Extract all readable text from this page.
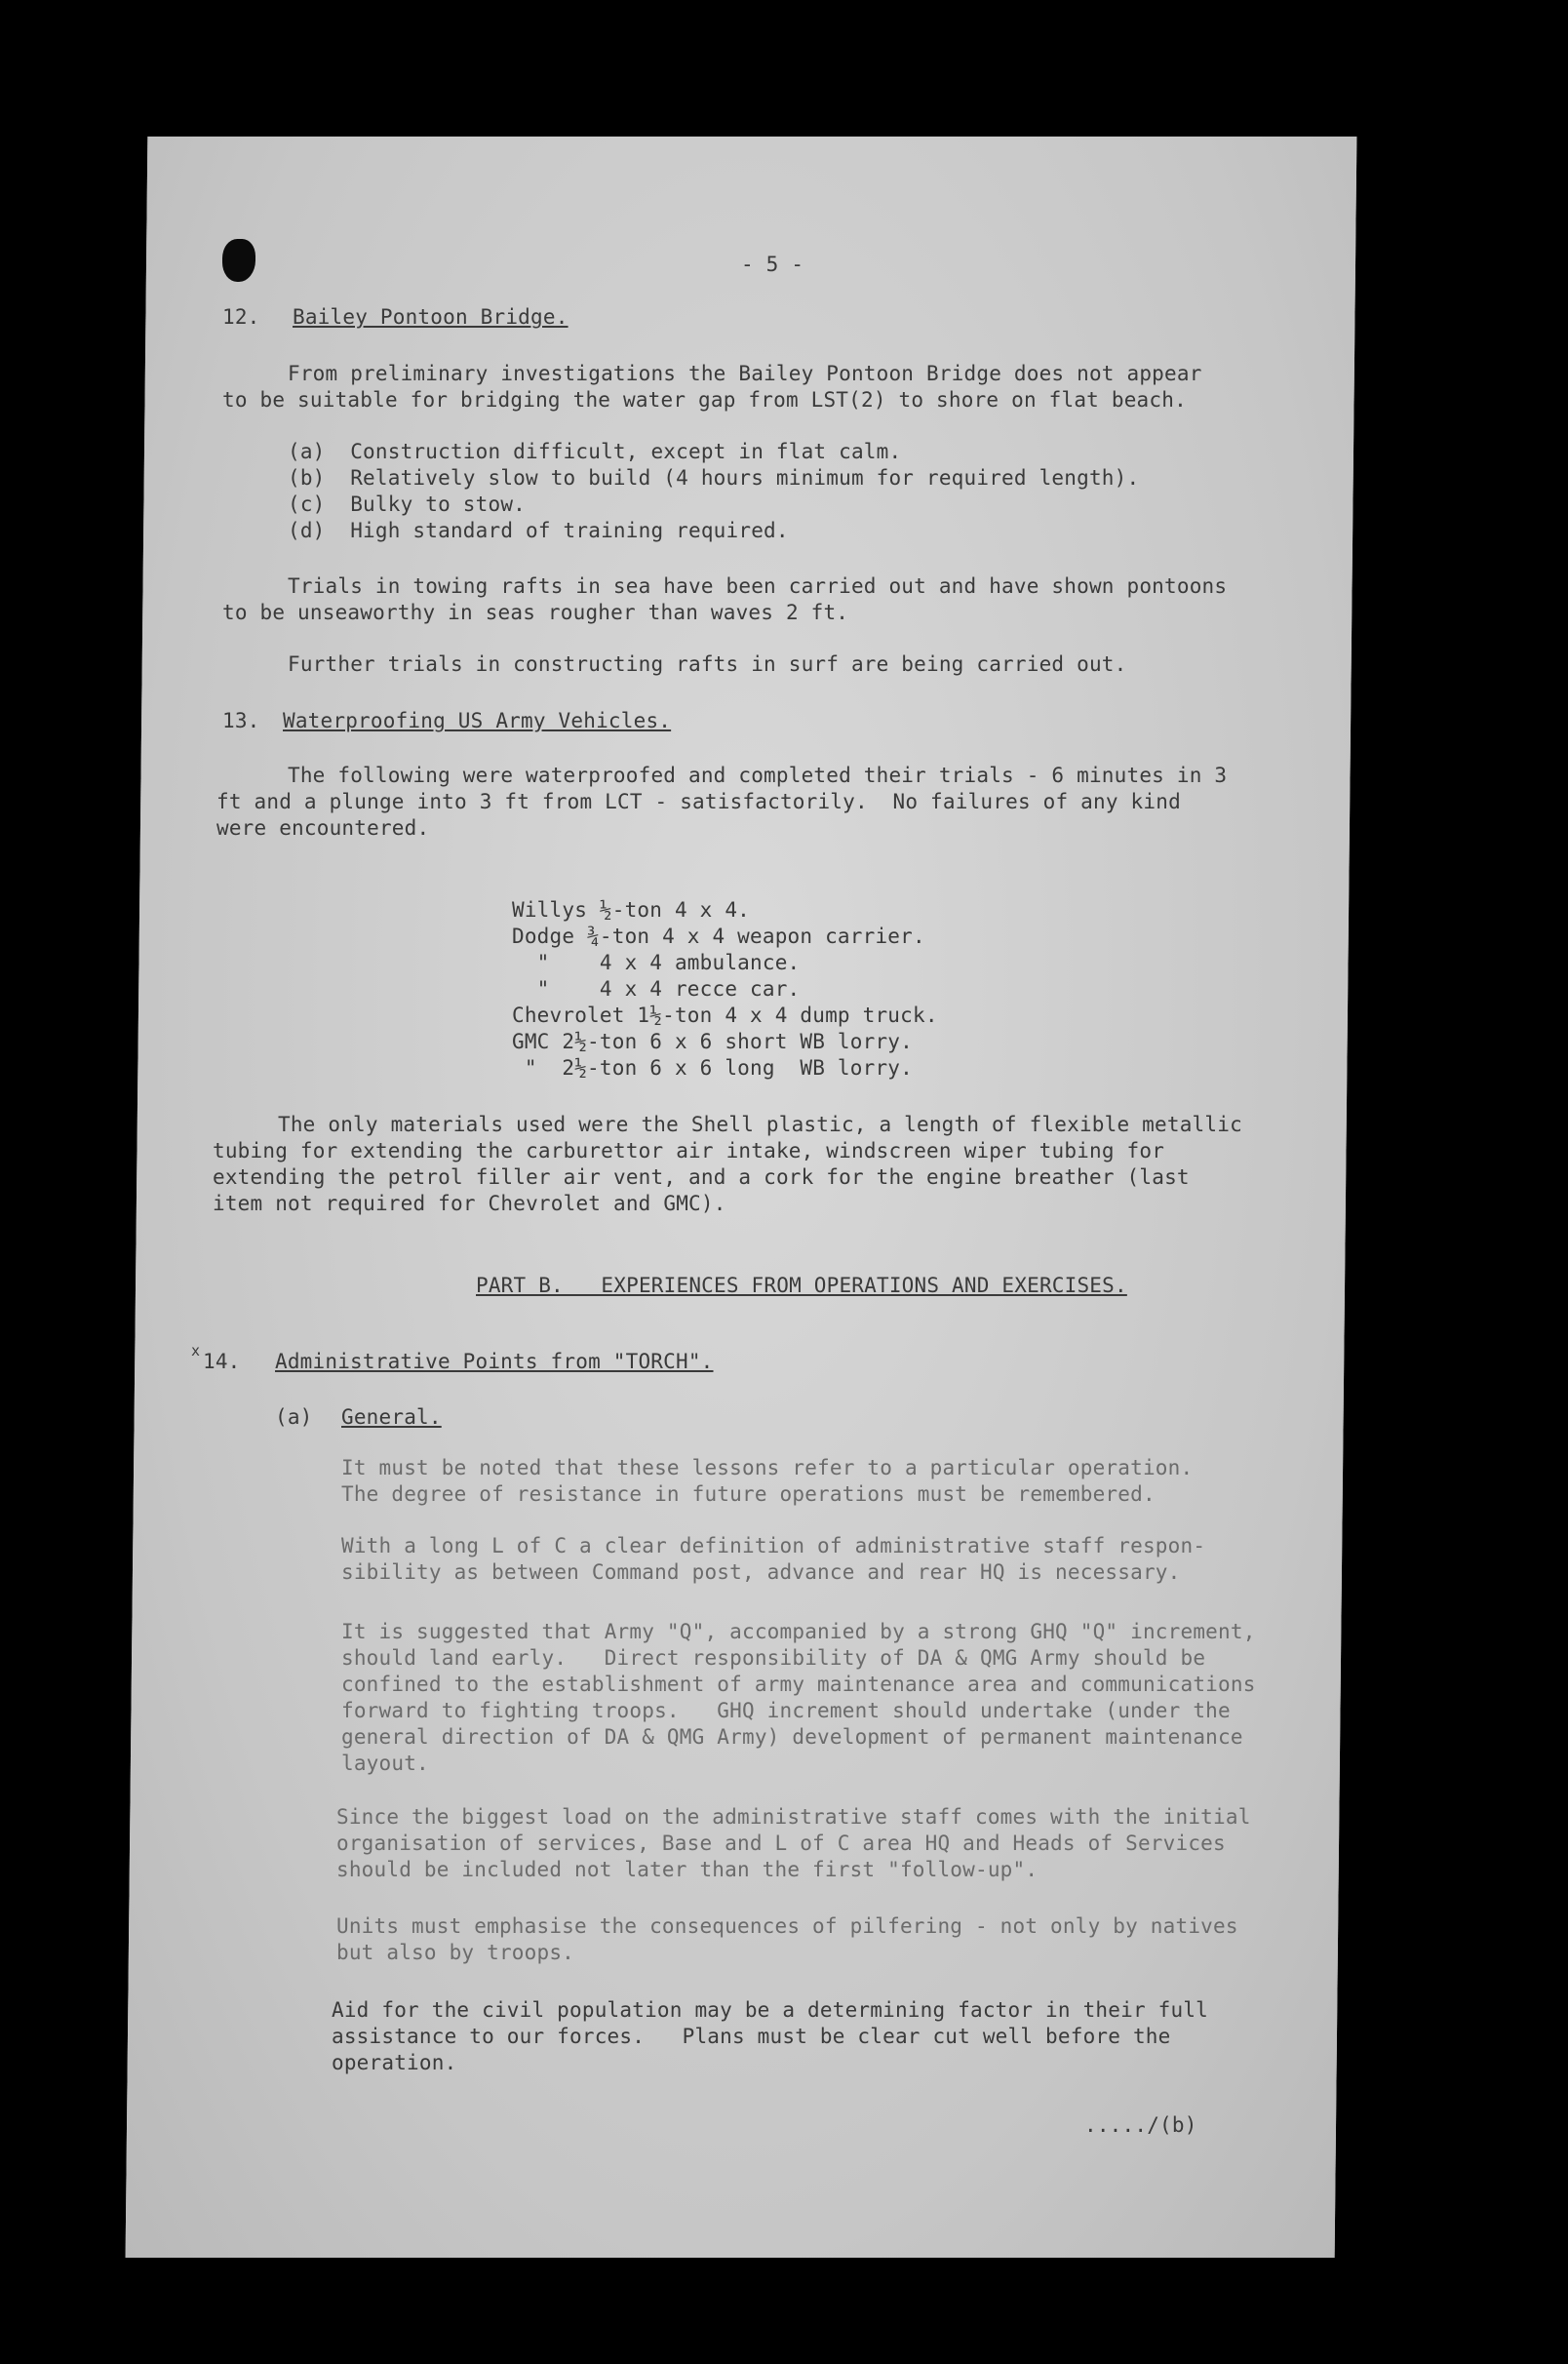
- 5 -
12. Bailey Pontoon Bridge.
From preliminary investigations the Bailey Pontoon Bridge does not appear
to be suitable for bridging the water gap from LST(2) to shore on flat beach.
(a)  Construction difficult, except in flat calm.
(b)  Relatively slow to build (4 hours minimum for required length).
(c)  Bulky to stow.
(d)  High standard of training required.
Trials in towing rafts in sea have been carried out and have shown pontoons
to be unseaworthy in seas rougher than waves 2 ft.
Further trials in constructing rafts in surf are being carried out.
13. Waterproofing US Army Vehicles.
The following were waterproofed and completed their trials - 6 minutes in 3
ft and a plunge into 3 ft from LCT - satisfactorily.  No failures of any kind
were encountered.
Willys ½-ton 4 x 4.
Dodge ¾-ton 4 x 4 weapon carrier.
"    4 x 4 ambulance.
"    4 x 4 recce car.
Chevrolet 1½-ton 4 x 4 dump truck.
GMC 2½-ton 6 x 6 short WB lorry.
"  2½-ton 6 x 6 long  WB lorry.
The only materials used were the Shell plastic, a length of flexible metallic
tubing for extending the carburettor air intake, windscreen wiper tubing for
extending the petrol filler air vent, and a cork for the engine breather (last
item not required for Chevrolet and GMC).
PART B.   EXPERIENCES FROM OPERATIONS AND EXERCISES.
x 14. Administrative Points from "TORCH".
(a) General.
It must be noted that these lessons refer to a particular operation.
The degree of resistance in future operations must be remembered.
With a long L of C a clear definition of administrative staff respon-
sibility as between Command post, advance and rear HQ is necessary.
It is suggested that Army "Q", accompanied by a strong GHQ "Q" increment,
should land early.   Direct responsibility of DA & QMG Army should be
confined to the establishment of army maintenance area and communications
forward to fighting troops.   GHQ increment should undertake (under the
general direction of DA & QMG Army) development of permanent maintenance
layout.
Since the biggest load on the administrative staff comes with the initial
organisation of services, Base and L of C area HQ and Heads of Services
should be included not later than the first "follow-up".
Units must emphasise the consequences of pilfering - not only by natives
but also by troops.
Aid for the civil population may be a determining factor in their full
assistance to our forces.   Plans must be clear cut well before the
operation.
...../(b)
